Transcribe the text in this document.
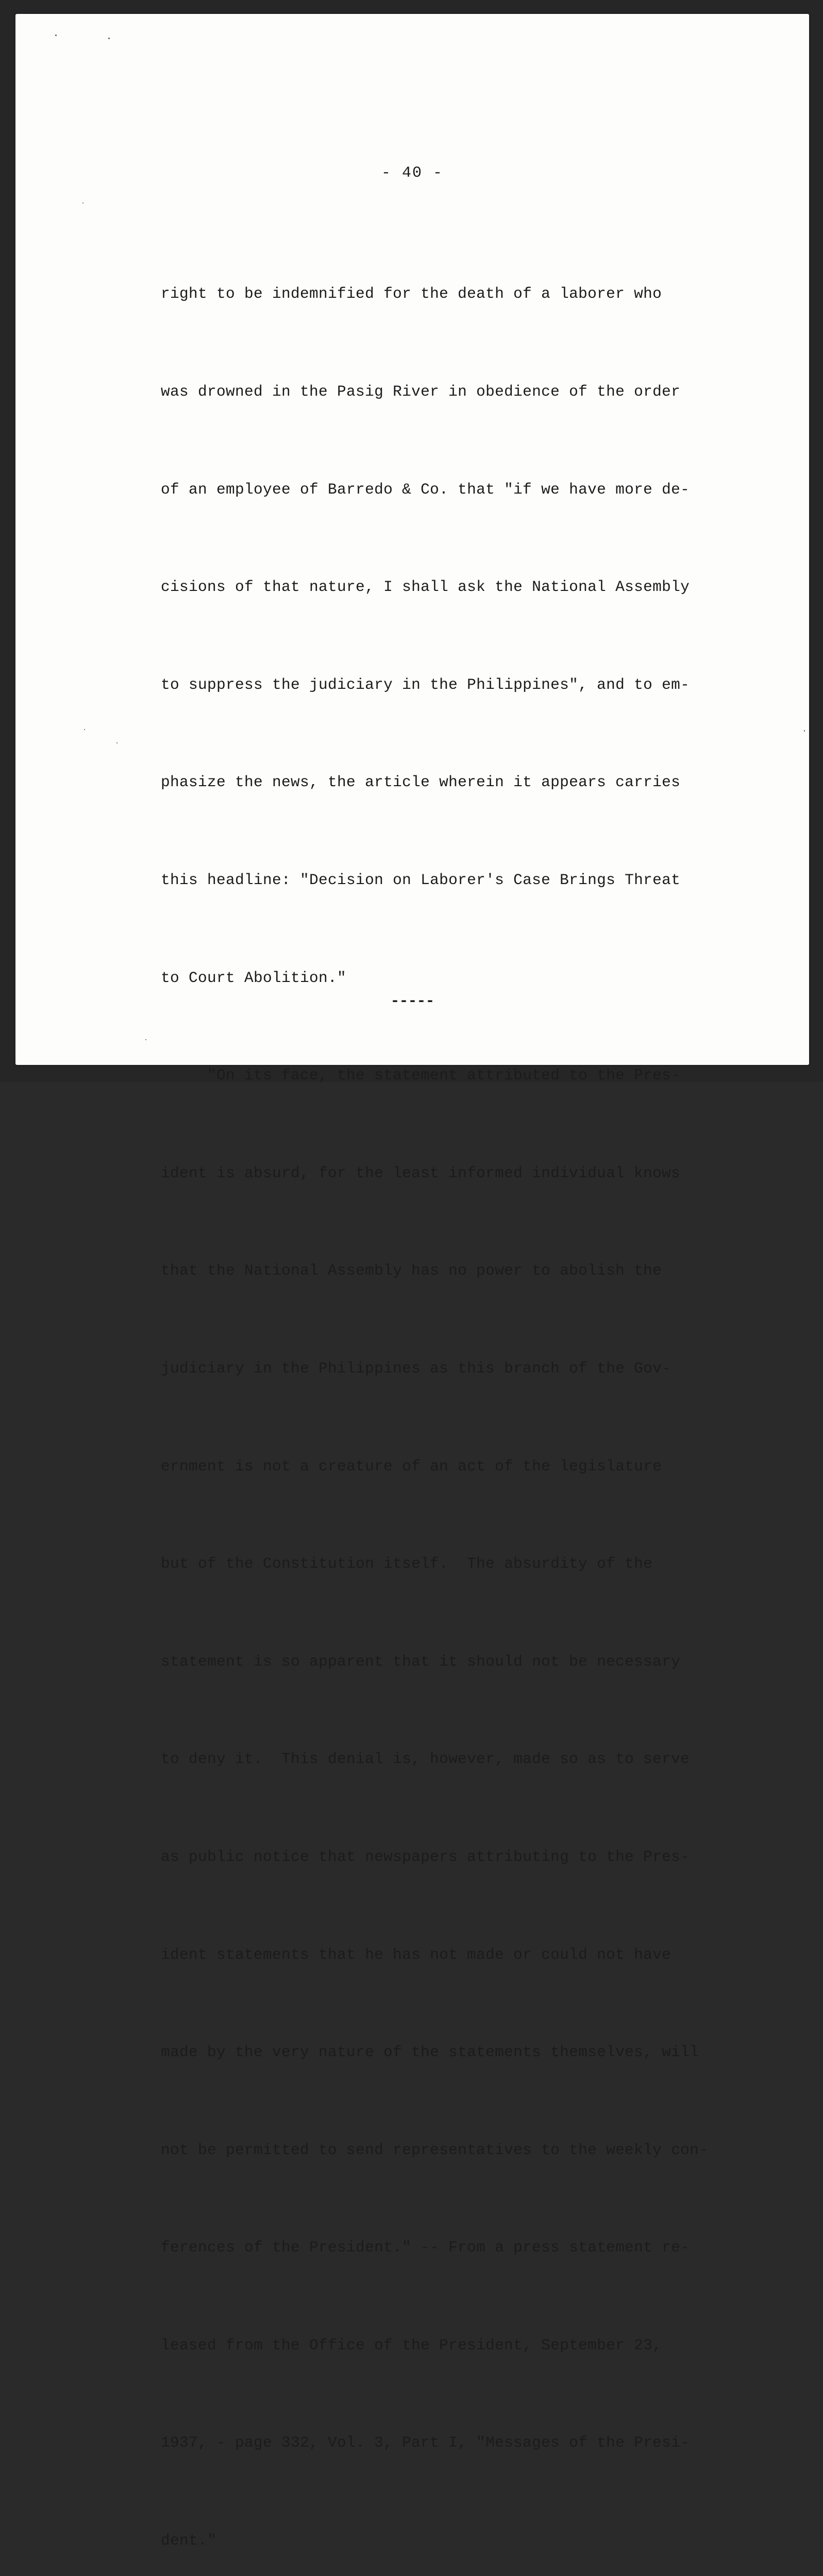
- 40 -

right to be indemnified for the death of a laborer who

was drowned in the Pasig River in obedience of the order

of an employee of Barredo & Co. that "if we have more de-

cisions of that nature, I shall ask the National Assembly

to suppress the judiciary in the Philippines", and to em-

phasize the news, the article wherein it appears carries

this headline: "Decision on Laborer's Case Brings Threat

to Court Abolition."

"On its face, the statement attributed to the Pres-

ident is absurd, for the least informed individual knows

that the National Assembly has no power to abolish the

judiciary in the Philippines as this branch of the Gov-

ernment is not a creature of an act of the legislature

but of the Constitution itself.  The absurdity of the

statement is so apparent that it should not be necessary

to deny it.  This denial is, however, made so as to serve

as public notice that newspapers attributing to the Pres-

ident statements that he has not made or could not have

made by the very nature of the statements themselves, will

not be permitted to send representatives to the weekly con-

ferences of the President." -- From a press statement re-

leased from the Office of the President, September 23,

1937, - page 332, Vol. 3, Part I, "Messages of the Presi-

dent."

-----
